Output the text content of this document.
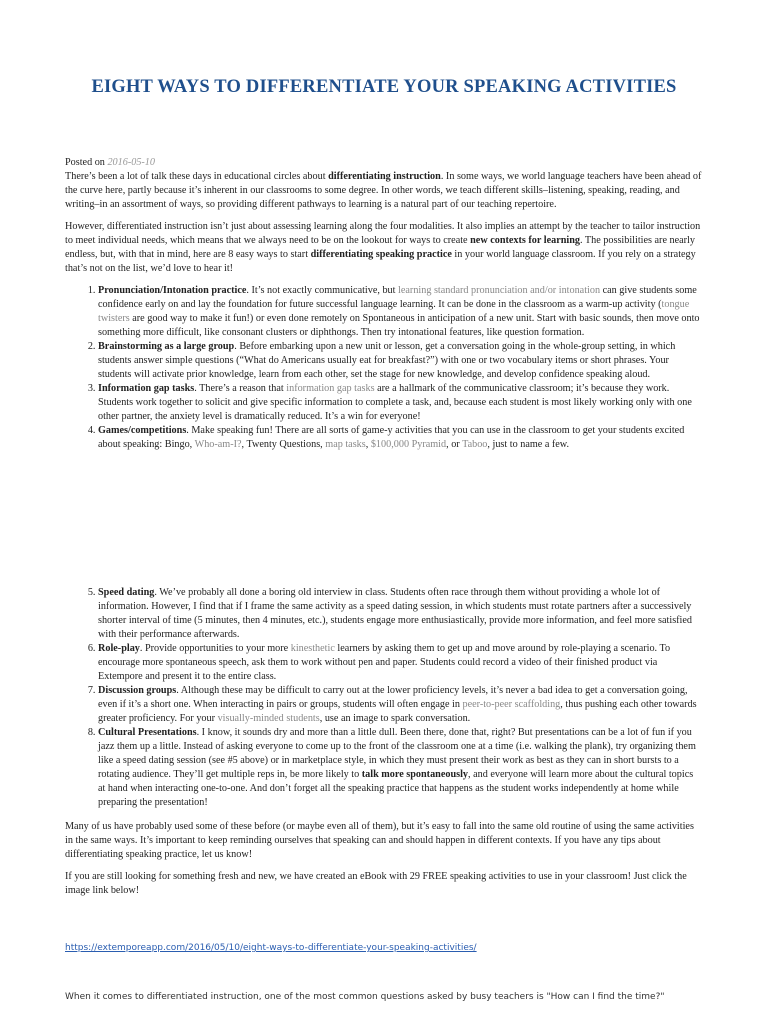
EIGHT WAYS TO DIFFERENTIATE YOUR SPEAKING ACTIVITIES

Posted on 2016-05-10

There’s been a lot of talk these days in educational circles about differentiating instruction. In some ways, we world language teachers have been ahead of the curve here, partly because it’s inherent in our classrooms to some degree. In other words, we teach different skills–listening, speaking, reading, and writing–in an assortment of ways, so providing different pathways to learning is a natural part of our teaching repertoire.

However, differentiated instruction isn’t just about assessing learning along the four modalities. It also implies an attempt by the teacher to tailor instruction to meet individual needs, which means that we always need to be on the lookout for ways to create new contexts for learning. The possibilities are nearly endless, but, with that in mind, here are 8 easy ways to start differentiating speaking practice in your world language classroom. If you rely on a strategy that’s not on the list, we’d love to hear it!

1. Pronunciation/Intonation practice. It’s not exactly communicative, but learning standard pronunciation and/or intonation can give students some confidence early on and lay the foundation for future successful language learning. It can be done in the classroom as a warm-up activity (tongue twisters are good way to make it fun!) or even done remotely on Spontaneous in anticipation of a new unit. Start with basic sounds, then move onto something more difficult, like consonant clusters or diphthongs. Then try intonational features, like question formation.
2. Brainstorming as a large group. Before embarking upon a new unit or lesson, get a conversation going in the whole-group setting, in which students answer simple questions (“What do Americans usually eat for breakfast?”) with one or two vocabulary items or short phrases. Your students will activate prior knowledge, learn from each other, set the stage for new knowledge, and develop confidence speaking aloud.
3. Information gap tasks. There’s a reason that information gap tasks are a hallmark of the communicative classroom; it’s because they work. Students work together to solicit and give specific information to complete a task, and, because each student is most likely working only with one other partner, the anxiety level is dramatically reduced. It’s a win for everyone!
4. Games/competitions. Make speaking fun! There are all sorts of game-y activities that you can use in the classroom to get your students excited about speaking: Bingo, Who-am-I?, Twenty Questions, map tasks, $100,000 Pyramid, or Taboo, just to name a few.
5. Speed dating. We’ve probably all done a boring old interview in class. Students often race through them without providing a whole lot of information. However, I find that if I frame the same activity as a speed dating session, in which students must rotate partners after a successively shorter interval of time (5 minutes, then 4 minutes, etc.), students engage more enthusiastically, provide more information, and feel more satisfied with their performance afterwards.
6. Role-play. Provide opportunities to your more kinesthetic learners by asking them to get up and move around by role-playing a scenario. To encourage more spontaneous speech, ask them to work without pen and paper. Students could record a video of their finished product via Extempore and present it to the entire class.
7. Discussion groups. Although these may be difficult to carry out at the lower proficiency levels, it’s never a bad idea to get a conversation going, even if it’s a short one. When interacting in pairs or groups, students will often engage in peer-to-peer scaffolding, thus pushing each other towards greater proficiency. For your visually-minded students, use an image to spark conversation.
8. Cultural Presentations. I know, it sounds dry and more than a little dull. Been there, done that, right? But presentations can be a lot of fun if you jazz them up a little. Instead of asking everyone to come up to the front of the classroom one at a time (i.e. walking the plank), try organizing them like a speed dating session (see #5 above) or in marketplace style, in which they must present their work as best as they can in short bursts to a rotating audience. They’ll get multiple reps in, be more likely to talk more spontaneously, and everyone will learn more about the cultural topics at hand when interacting one-to-one. And don’t forget all the speaking practice that happens as the student works independently at home while preparing the presentation!

Many of us have probably used some of these before (or maybe even all of them), but it’s easy to fall into the same old routine of using the same activities in the same ways. It’s important to keep reminding ourselves that speaking can and should happen in different contexts. If you have any tips about differentiating speaking practice, let us know!

If you are still looking for something fresh and new, we have created an eBook with 29 FREE speaking activities to use in your classroom! Just click the image link below!

https://extemporeapp.com/2016/05/10/eight-ways-to-differentiate-your-speaking-activities/
When it comes to differentiated instruction, one of the most common questions asked by busy teachers is "How can I find the time?"
